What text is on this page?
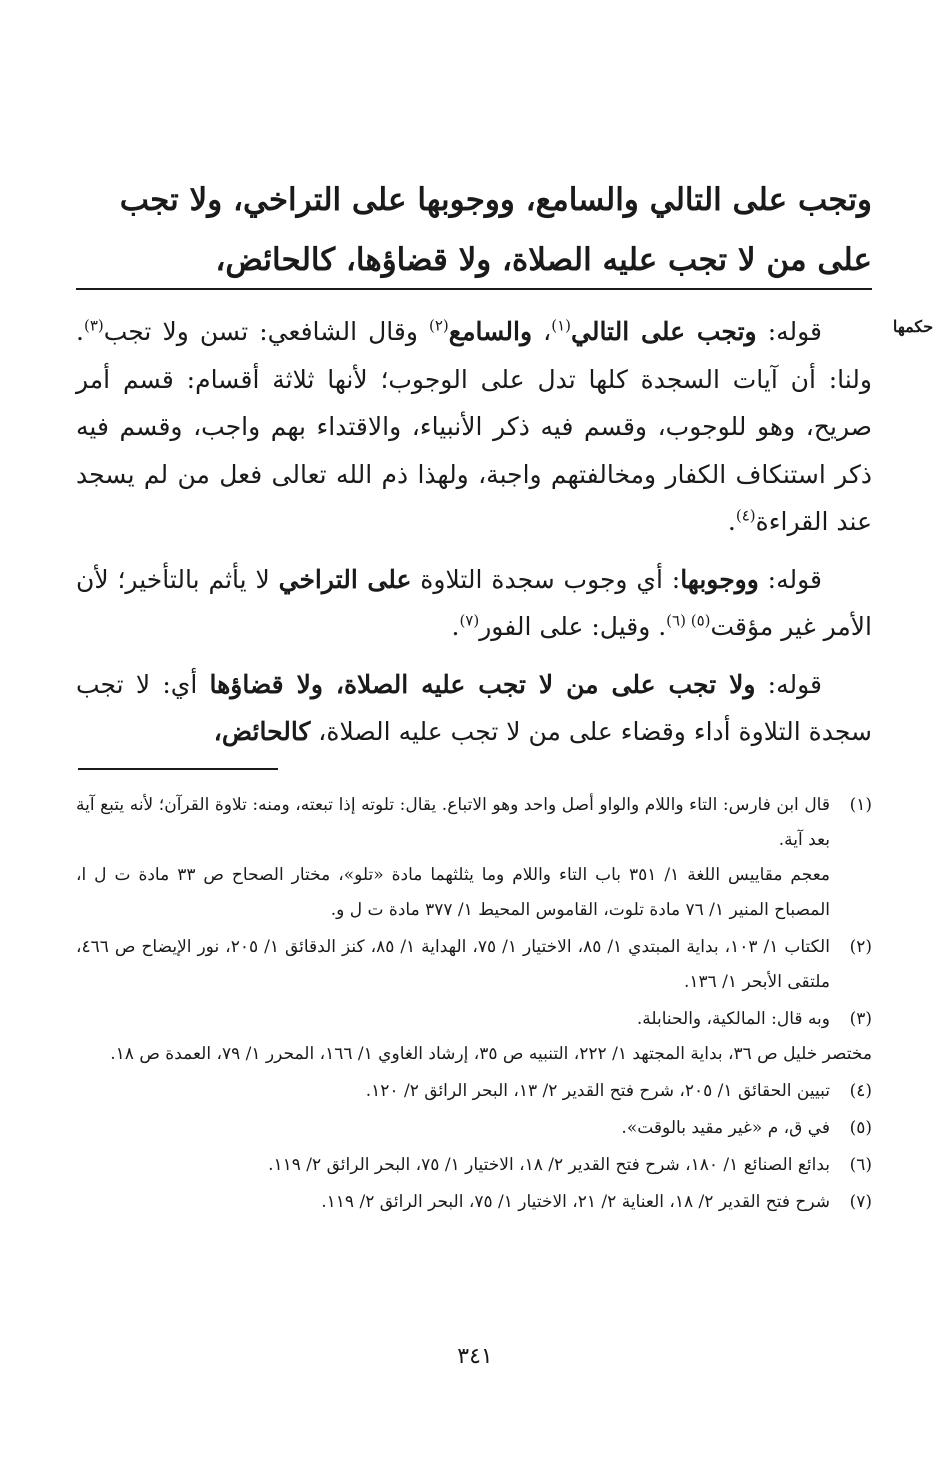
وتجب على التالي والسامع، ووجوبها على التراخي، ولا تجب

على من لا تجب عليه الصلاة، ولا قضاؤها، كالحائض،

حكمها

قوله: وتجب على التالي$^{(١)}$، والسامع$^{(٢)}$ وقال الشافعي: تسن ولا تجب$^{(٣)}$. ولنا: أن آيات السجدة كلها تدل على الوجوب؛ لأنها ثلاثة أقسام: قسم أمر صريح، وهو للوجوب، وقسم فيه ذكر الأنبياء، والاقتداء بهم واجب، وقسم فيه ذكر استنكاف الكفار ومخالفتهم واجبة، ولهذا ذم الله تعالى فعل من لم يسجد عند القراءة$^{(٤)}$.

قوله: ووجوبها: أي وجوب سجدة التلاوة على التراخي لا يأثم بالتأخير؛ لأن الأمر غير مؤقت$^{(٥)}$ $^{(٦)}$. وقيل: على الفور$^{(٧)}$.

قوله: ولا تجب على من لا تجب عليه الصلاة، ولا قضاؤها أي: لا تجب سجدة التلاوة أداء وقضاء على من لا تجب عليه الصلاة، كالحائض،

(١)
قال ابن فارس: التاء واللام والواو أصل واحد وهو الاتباع. يقال: تلوته إذا تبعته، ومنه: تلاوة القرآن؛ لأنه يتبع آية بعد آية.
معجم مقاييس اللغة ١/ ٣٥١ باب التاء واللام وما يثلثهما مادة «تلو»، مختار الصحاح ص ٣٣ مادة ت ل ا، المصباح المنير ١/ ٧٦ مادة تلوت، القاموس المحيط ١/ ٣٧٧ مادة ت ل و.
(٢)
الكتاب ١/ ١٠٣، بداية المبتدي ١/ ٨٥، الاختيار ١/ ٧٥، الهداية ١/ ٨٥، كنز الدقائق ١/ ٢٠٥، نور الإيضاح ص ٤٦٦، ملتقى الأبحر ١/ ١٣٦.
(٣)
وبه قال: المالكية، والحنابلة.
مختصر خليل ص ٣٦، بداية المجتهد ١/ ٢٢٢، التنبيه ص ٣٥، إرشاد الغاوي ١/ ١٦٦، المحرر ١/ ٧٩، العمدة ص ١٨.
(٤)
تبيين الحقائق ١/ ٢٠٥، شرح فتح القدير ٢/ ١٣، البحر الرائق ٢/ ١٢٠.
(٥)
في ق، م «غير مقيد بالوقت».
(٦)
بدائع الصنائع ١/ ١٨٠، شرح فتح القدير ٢/ ١٨، الاختيار ١/ ٧٥، البحر الرائق ٢/ ١١٩.
(٧)
شرح فتح القدير ٢/ ١٨، العناية ٢/ ٢١، الاختيار ١/ ٧٥، البحر الرائق ٢/ ١١٩.
٣٤١
